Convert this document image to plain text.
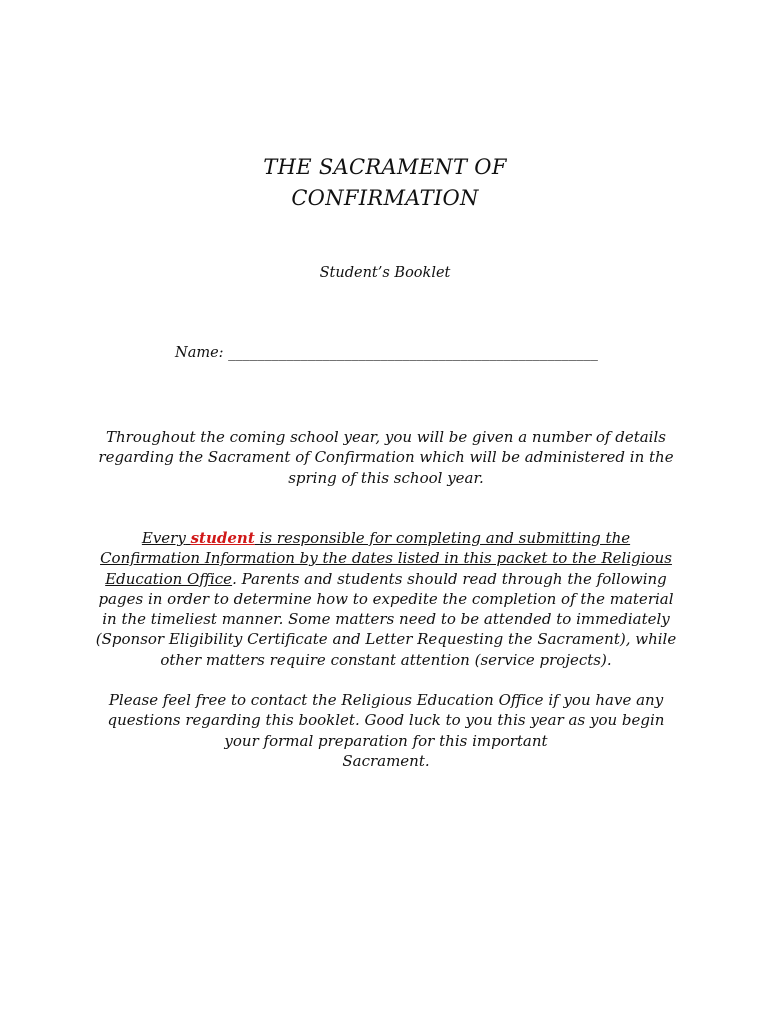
THE SACRAMENT OF
CONFIRMATION
Student’s Booklet
Name: ___________________________________________________
Throughout the coming school year, you will be given a number of details
regarding the Sacrament of Confirmation which will be administered in the
spring of this school year.
Every student is responsible for completing and submitting the
Confirmation Information by the dates listed in this packet to the Religious
Education Office. Parents and students should read through the following
pages in order to determine how to expedite the completion of the material
in the timeliest manner. Some matters need to be attended to immediately
(Sponsor Eligibility Certificate and Letter Requesting the Sacrament), while
other matters require constant attention (service projects).
Please feel free to contact the Religious Education Office if you have any
questions regarding this booklet. Good luck to you this year as you begin
your formal preparation for this important
Sacrament.
